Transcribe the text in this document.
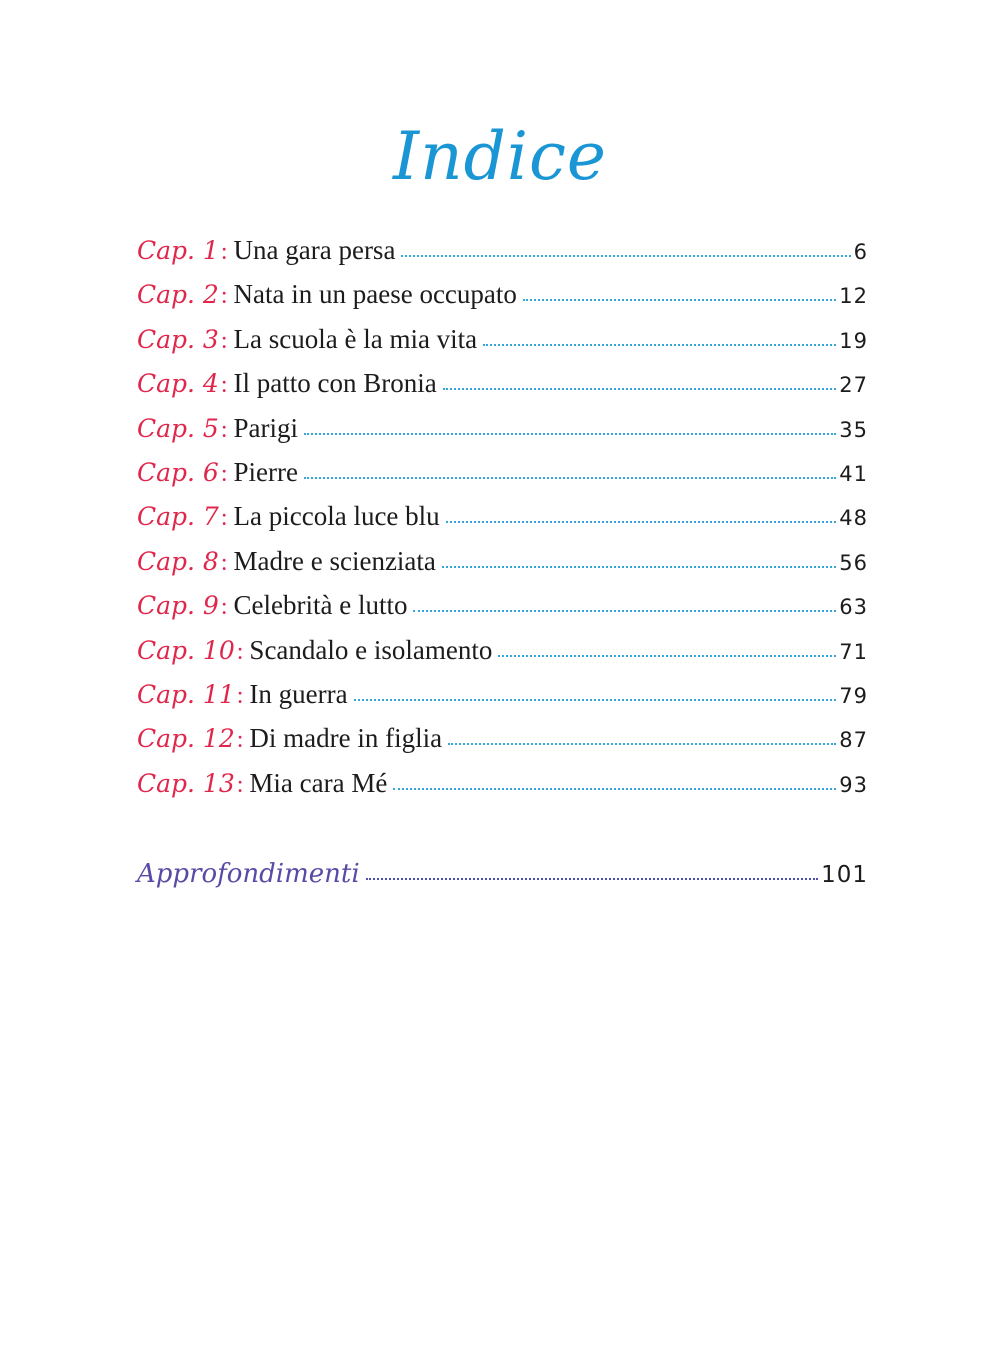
Indice
Cap. 1 : Una gara persa	6
Cap. 2 : Nata in un paese occupato	12
Cap. 3 : La scuola è la mia vita	19
Cap. 4 : Il patto con Bronia	27
Cap. 5 : Parigi	35
Cap. 6 : Pierre	41
Cap. 7 : La piccola luce blu	48
Cap. 8 : Madre e scienziata	56
Cap. 9 : Celebrità e lutto	63
Cap. 10 : Scandalo e isolamento	71
Cap. 11 : In guerra	79
Cap. 12 : Di madre in figlia	87
Cap. 13 : Mia cara Mé	93
Approfondimenti	101
